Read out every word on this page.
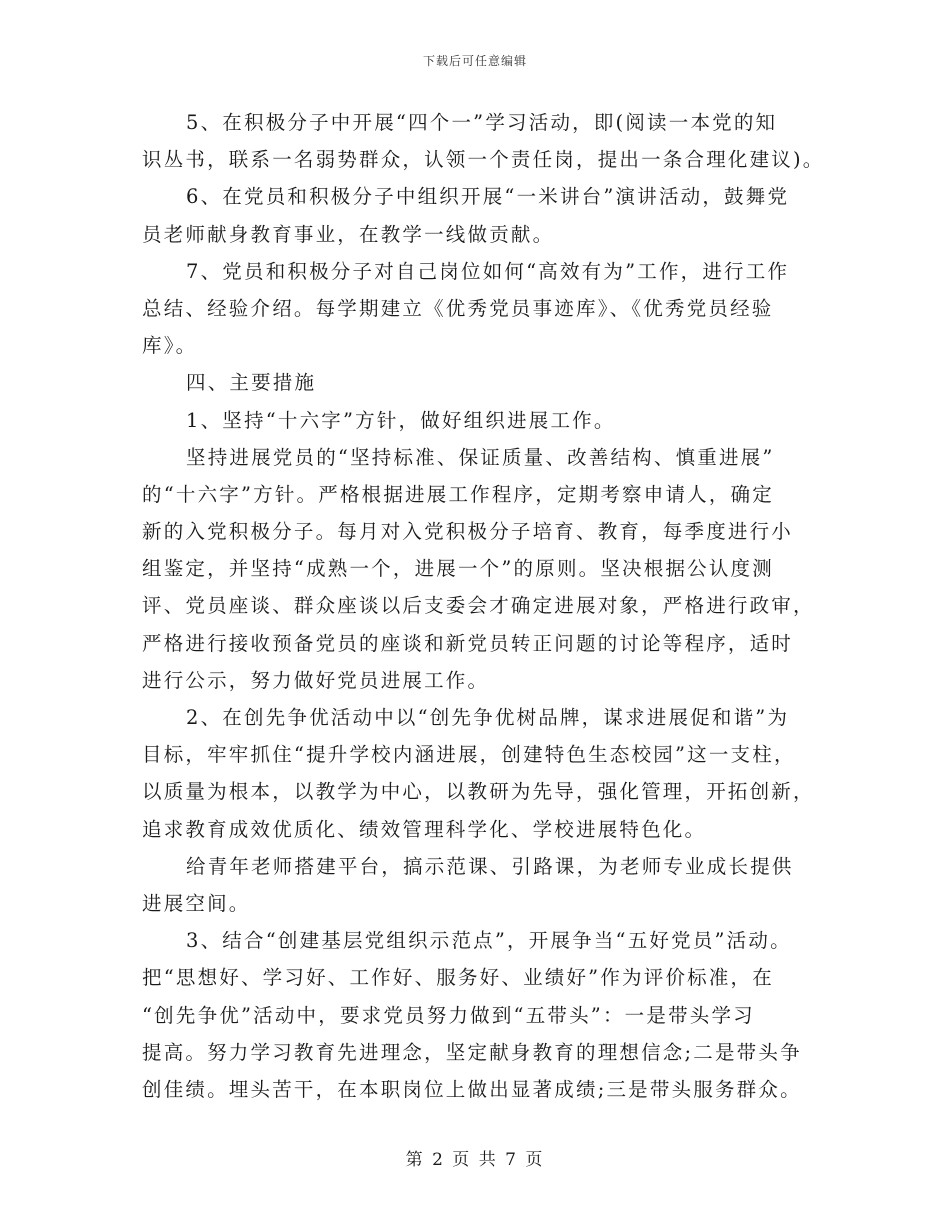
下载后可任意编辑
5、在积极分子中开展“四个一”学习活动，即(阅读一本党的知
识丛书，联系一名弱势群众，认领一个责任岗，提出一条合理化建议)。
6、在党员和积极分子中组织开展“一米讲台”演讲活动，鼓舞党
员老师献身教育事业，在教学一线做贡献。
7、党员和积极分子对自己岗位如何“高效有为”工作，进行工作
总结、经验介绍。每学期建立《优秀党员事迹库》、《优秀党员经验
库》。
四、主要措施
1、坚持“十六字”方针，做好组织进展工作。
坚持进展党员的“坚持标准、保证质量、改善结构、慎重进展”
的“十六字”方针。严格根据进展工作程序，定期考察申请人，确定
新的入党积极分子。每月对入党积极分子培育、教育，每季度进行小
组鉴定，并坚持“成熟一个，进展一个”的原则。坚决根据公认度测
评、党员座谈、群众座谈以后支委会才确定进展对象，严格进行政审，
严格进行接收预备党员的座谈和新党员转正问题的讨论等程序，适时
进行公示，努力做好党员进展工作。
2、在创先争优活动中以“创先争优树品牌，谋求进展促和谐”为
目标，牢牢抓住“提升学校内涵进展，创建特色生态校园”这一支柱，
以质量为根本，以教学为中心，以教研为先导，强化管理，开拓创新，
追求教育成效优质化、绩效管理科学化、学校进展特色化。
给青年老师搭建平台，搞示范课、引路课，为老师专业成长提供
进展空间。
3、结合“创建基层党组织示范点”，开展争当“五好党员”活动。
把“思想好、学习好、工作好、服务好、业绩好”作为评价标准，在
“创先争优”活动中，要求党员努力做到“五带头”：一是带头学习
提高。努力学习教育先进理念，坚定献身教育的理想信念;二是带头争
创佳绩。埋头苦干，在本职岗位上做出显著成绩;三是带头服务群众。
第 2 页 共 7 页
